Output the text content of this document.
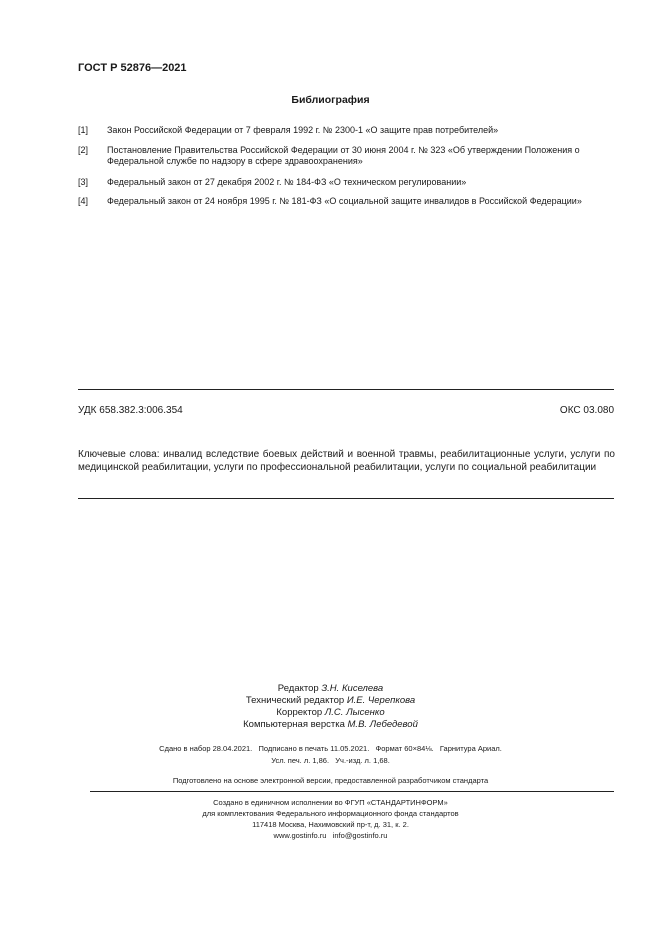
ГОСТ Р 52876—2021
Библиография
[1] Закон Российской Федерации от 7 февраля 1992 г. № 2300-1 «О защите прав потребителей»
[2] Постановление Правительства Российской Федерации от 30 июня 2004 г. № 323 «Об утверждении Положения о Федеральной службе по надзору в сфере здравоохранения»
[3] Федеральный закон от 27 декабря 2002 г. № 184-ФЗ «О техническом регулировании»
[4] Федеральный закон от 24 ноября 1995 г. № 181-ФЗ «О социальной защите инвалидов в Российской Федерации»
УДК 658.382.3:006.354	ОКС 03.080
Ключевые слова: инвалид вследствие боевых действий и военной травмы, реабилитационные услуги, услуги по медицинской реабилитации, услуги по профессиональной реабилитации, услуги по социальной реабилитации
Редактор З.Н. Киселева
Технический редактор И.Е. Черепкова
Корректор Л.С. Лысенко
Компьютерная верстка М.В. Лебедевой
Сдано в набор 28.04.2021.   Подписано в печать 11.05.2021.   Формат 60×84⅛.   Гарнитура Ариал.
Усл. печ. л. 1,86.   Уч.-изд. л. 1,68.
Подготовлено на основе электронной версии, предоставленной разработчиком стандарта
Создано в единичном исполнении во ФГУП «СТАНДАРТИНФОРМ»
для комплектования Федерального информационного фонда стандартов
117418 Москва, Нахимовский пр-т, д. 31, к. 2.
www.gostinfo.ru   info@gostinfo.ru
